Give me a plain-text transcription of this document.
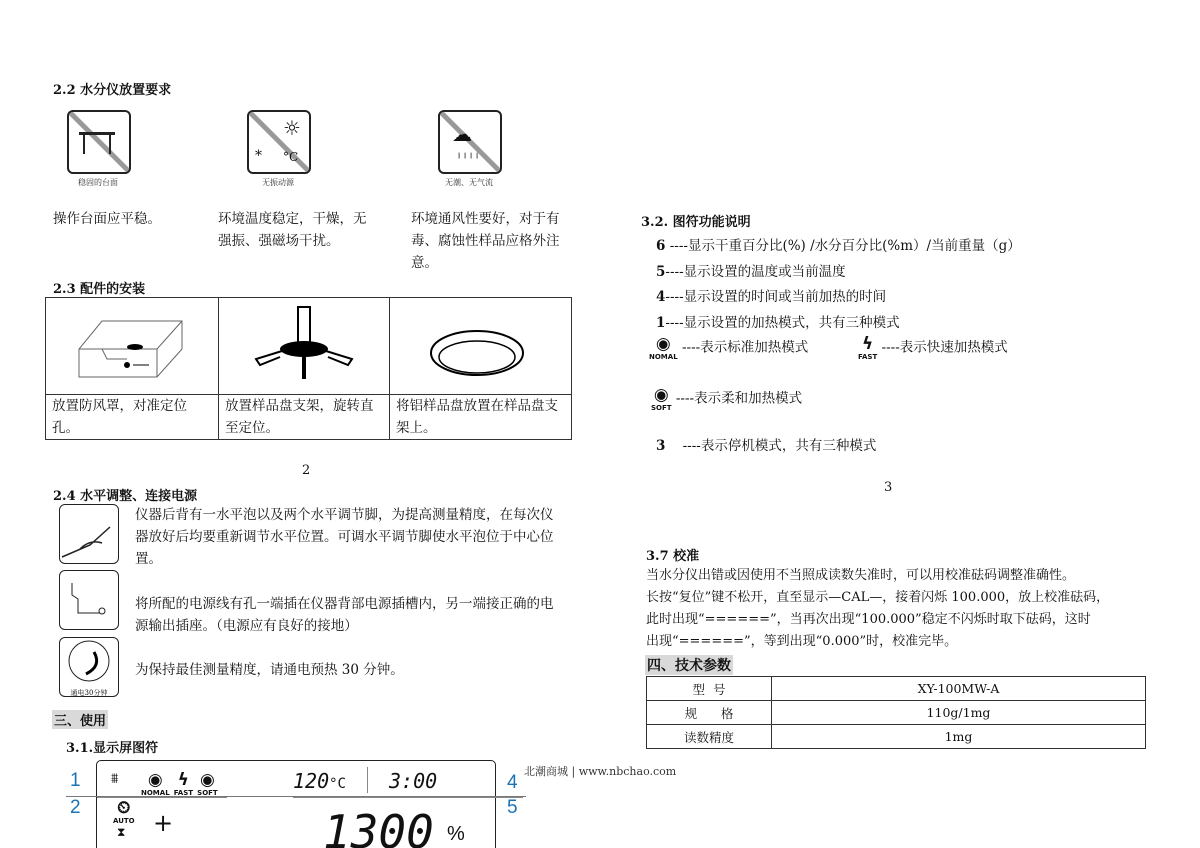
2.2 水分仪放置要求
稳固的台面
☼
* °C
无振动源
☁
╷╷╷╷
无潮、无气流
操作台面应平稳。	环境温度稳定，干燥，无强振、强磁场干扰。
环境通风性要好，对于有毒、腐蚀性样品应格外注意。
2.3 配件的安装

放置防风罩，对准定位孔。	放置样品盘支架，旋转直至定位。	将铝样品盘放置在样品盘支架上。
2
2.4 水平调整、连接电源
通电30分钟
仪器后背有一水平泡以及两个水平调节脚，为提高测量精度，在每次仪器放好后均要重新调节水平位置。可调水平调节脚使水平泡位于中心位置。
将所配的电源线有孔一端插在仪器背部电源插槽内，另一端接正确的电源输出插座。（电源应有良好的接地）
为保持最佳测量精度，请通电预热 30 分钟。
三、使用
3.1.显示屏图符
⩩	◉
NOMAL
ϟ
FAST
◉
SOFT
⏲
AUTO
⧗ +
120°C 3:00
1300 %
1
2
4
5
北潮商城 | www.nbchao.com
3.2. 图符功能说明
6 ----显示干重百分比(%) /水分百分比(%m）/当前重量（g）
5----显示设置的温度或当前温度
4----显示设置的时间或当前加热的时间
1----显示设置的加热模式，共有三种模式
◉
NOMAL ----表示标准加热模式	ϟ
FAST ----表示快速加热模式
◉
SOFT ----表示柔和加热模式
3 ----表示停机模式，共有三种模式
3
3.7 校准
当水分仪出错或因使用不当照成读数失准时，可以用校准砝码调整准确性。
长按“复位”键不松开，直至显示—CAL—，接着闪烁 100.000，放上校准砝码，
此时出现“======”，当再次出现“100.000”稳定不闪烁时取下砝码，这时
出现“======”，等到出现“0.000”时，校准完毕。
四、技术参数
型  号	XY-100MW-A
规      格	110g/1mg
读数精度	1mg
